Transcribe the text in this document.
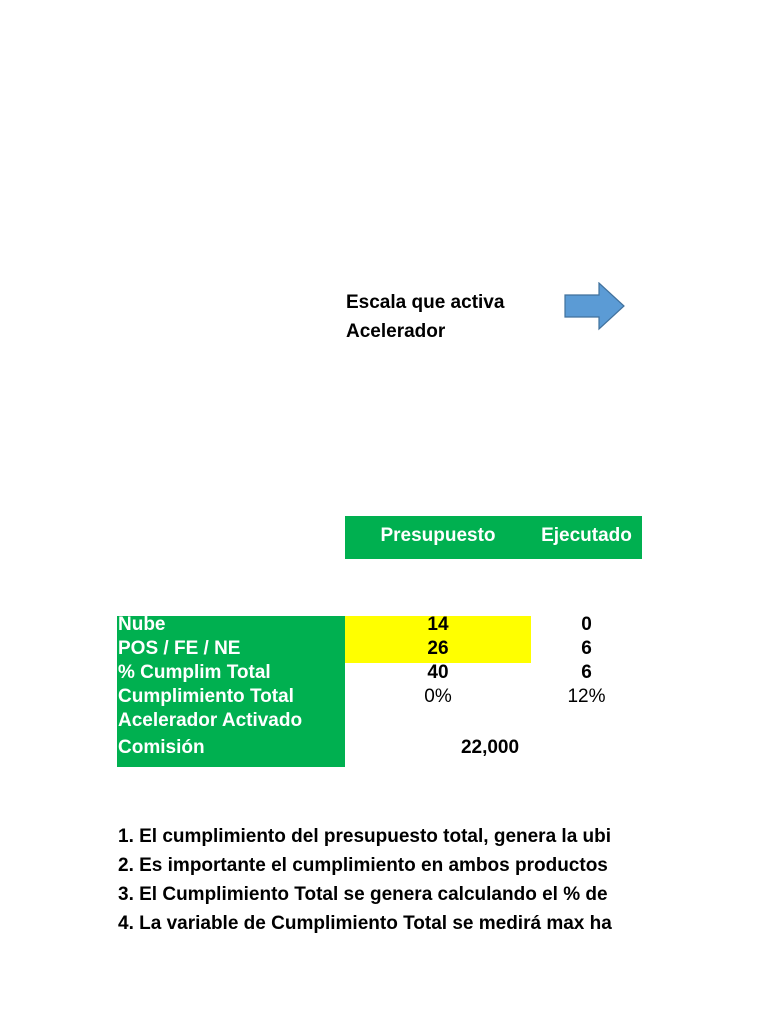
Escala que activa
Acelerador
Presupuesto	Ejecutado
Nube
POS / FE / NE
% Cumplim Total
Cumplimiento Total
Acelerador Activado
Comisión
14
26
40
0%
22,000
0
6
6
12%
1. El cumplimiento del presupuesto total, genera la ubi
2. Es importante el cumplimiento en ambos productos
3. El Cumplimiento Total se genera calculando el % de
4. La variable de Cumplimiento Total se medirá max ha
